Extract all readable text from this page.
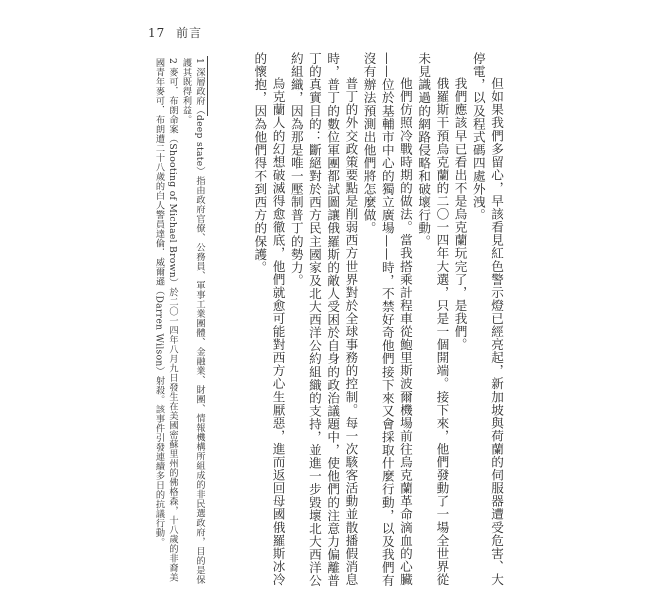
17 前言

但如果我們多留心，早該看見紅色警示燈已經亮起，新加坡與荷蘭的伺服器遭受危害、大停電，以及程式碼四處外洩。

我們應該早已看出不是烏克蘭玩完了，是我們。

俄羅斯干預烏克蘭的二〇一四年大選，只是一個開端。接下來，他們發動了一場全世界從未見識過的網路侵略和破壞行動。

他們仿照冷戰時期的做法。當我搭乘計程車從鮑里斯波爾機場前往烏克蘭革命滴血的心臟——位於基輔市中心的獨立廣場——時，不禁好奇他們接下來又會採取什麼行動，以及我們有沒有辦法預測出他們將怎麼做。

普丁的外交政策要點是削弱西方世界對於全球事務的控制。每一次駭客活動並散播假消息時，普丁的數位軍團都試圖讓俄羅斯的敵人受困於自身的政治議題中，使他們的注意力偏離普丁的真實目的：斷絕對於西方民主國家及北大西洋公約組織的支持，並進一步毀壞北大西洋公約組織，因為那是唯一壓制普丁的勢力。

烏克蘭人的幻想破滅得愈徹底，他們就愈可能對西方心生厭惡，進而返回母國俄羅斯冰冷的懷抱，因為他們得不到西方的保護。

1 深層政府（deep state）指由政府官僚、公務員、軍事工業團體、金融業、財團、情報機構所組成的非民選政府，目的是保護其既得利益。

2 麥可．布朗命案（Shooting of Michael Brown）於二〇一四年八月九日發生在美國密蘇里州的佛格森，十八歲的非裔美國青年麥可．布朗遭二十八歲的白人警員達倫．威爾遜（Darren Wilson）射殺。該事件引發連續多日的抗議行動。
